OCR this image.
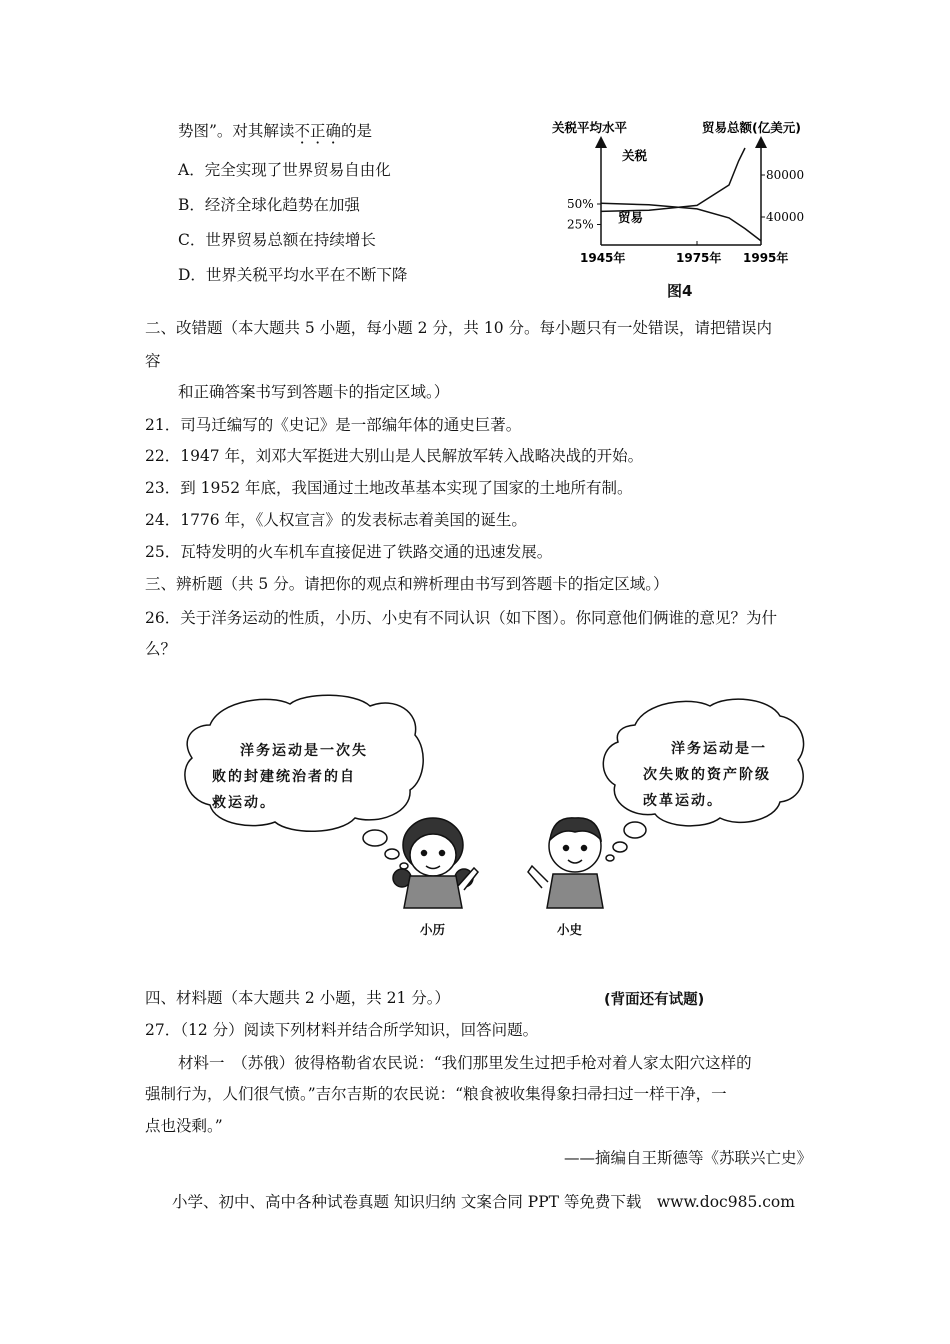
势图”。对其解读不正确的是
A．完全实现了世界贸易自由化
B．经济全球化趋势在加强
C．世界贸易总额在持续增长
D．世界关税平均水平在不断下降
关税平均水平	贸易总额(亿美元)
关税
贸易
50%
25%
80000
40000
1945年	1975年 1995年
图4
二、改错题（本大题共 5 小题，每小题 2 分，共 10 分。每小题只有一处错误，请把错误内
容
和正确答案书写到答题卡的指定区域。）
21．司马迁编写的《史记》是一部编年体的通史巨著。
22．1947 年，刘邓大军挺进大别山是人民解放军转入战略决战的开始。
23．到 1952 年底，我国通过土地改革基本实现了国家的土地所有制。
24．1776 年，《人权宣言》的发表标志着美国的诞生。
25．瓦特发明的火车机车直接促进了铁路交通的迅速发展。
三、辨析题（共 5 分。请把你的观点和辨析理由书写到答题卡的指定区域。）
26．关于洋务运动的性质，小历、小史有不同认识（如下图）。你同意他们俩谁的意见？为什
么？
洋务运动是一次失
败的封建统治者的自
救运动。
洋务运动是一
次失败的资产阶级
改革运动。
小历	小史
四、材料题（本大题共 2 小题，共 21 分。）	(背面还有试题)
27．（12 分）阅读下列材料并结合所学知识，回答问题。
材料一　（苏俄）彼得格勒省农民说：“我们那里发生过把手枪对着人家太阳穴这样的
强制行为，人们很气愤。”吉尔吉斯的农民说：“粮食被收集得象扫帚扫过一样干净，一
点也没剩。”
——摘编自王斯德等《苏联兴亡史》
小学、初中、高中各种试卷真题 知识归纳 文案合同 PPT 等免费下载　www.doc985.com
